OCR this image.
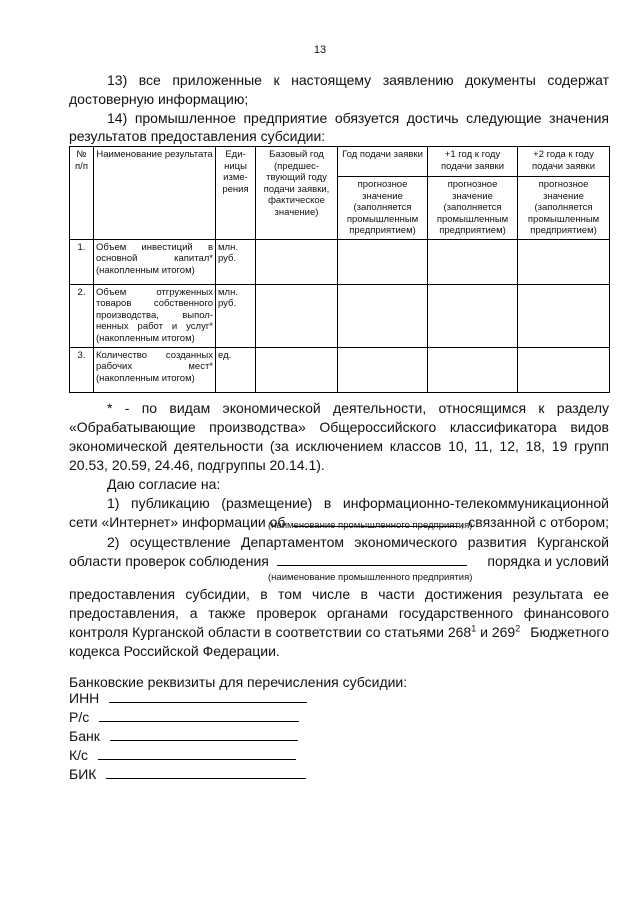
13
13) все приложенные к настоящему заявлению документы содержат
достоверную информацию;
14) промышленное предприятие обязуется достичь следующие значения
результатов предоставления субсидии:
№ п/п	Наименование результата	Еди-ницы изме-рения	Базовый год (предшес-твующий году подачи заявки, фактическое значение)	Год подачи заявки	+1 год к году подачи заявки	+2 года к году подачи заявки
				прогнозное значение (заполняется промышленным предприятием)	прогнозное значение (заполняется промышленным предприятием)	прогнозное значение (заполняется промышленным предприятием)
1.	Объем инвестиций в основной капитал* (накопленным итогом)	млн. руб.				
2.	Объем отгруженных товаров собственного производства, выпол-ненных работ и услуг* (накопленным итогом)	млн. руб.				
3.	Количество созданных рабочих мест* (накопленным итогом)	ед.				
* - по видам экономической деятельности, относящимся к разделу
«Обрабатывающие производства» Общероссийского классификатора видов
экономической деятельности (за исключением классов 10, 11, 12, 18, 19 групп
20.53, 20.59, 24.46, подгруппы 20.14.1).
Даю согласие на:
1) публикацию (размещение) в информационно-телекоммуникационной
сети «Интернет» информации об	, связанной с отбором;
(наименование промышленного предприятия)
2) осуществление Департаментом экономического развития Курганской
области проверок соблюдения	порядка и условий
(наименование промышленного предприятия)
предоставления субсидии, в том числе в части достижения результата ее
предоставления, а также проверок органами государственного финансового
контроля Курганской области в соответствии со статьями $268^1$ и $269^2$ Бюджетного
кодекса Российской Федерации.
Банковские реквизиты для перечисления субсидии:
ИНН
Р/с
Банк
К/с
БИК
